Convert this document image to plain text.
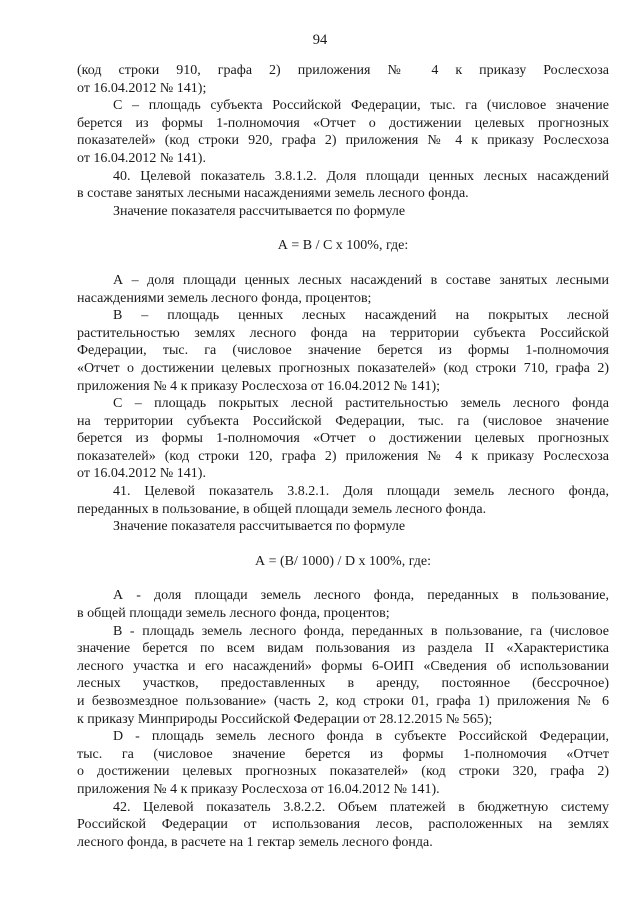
94
(код строки 910, графа 2) приложения № 4 к приказу Рослесхоза
от 16.04.2012 № 141);
С – площадь субъекта Российской Федерации, тыс. га (числовое значение
берется из формы 1-полномочия «Отчет о достижении целевых прогнозных
показателей» (код строки 920, графа 2) приложения № 4 к приказу Рослесхоза
от 16.04.2012 № 141).
40. Целевой показатель 3.8.1.2. Доля площади ценных лесных насаждений
в составе занятых лесными насаждениями земель лесного фонда.
Значение показателя рассчитывается по формуле
А = В / С х 100%, где:
А – доля площади ценных лесных насаждений в составе занятых лесными
насаждениями земель лесного фонда, процентов;
В – площадь ценных лесных насаждений на покрытых лесной
растительностью землях лесного фонда на территории субъекта Российской
Федерации, тыс. га (числовое значение берется из формы 1-полномочия
«Отчет о достижении целевых прогнозных показателей» (код строки 710, графа 2)
приложения № 4 к приказу Рослесхоза от 16.04.2012 № 141);
С – площадь покрытых лесной растительностью земель лесного фонда
на территории субъекта Российской Федерации, тыс. га (числовое значение
берется из формы 1-полномочия «Отчет о достижении целевых прогнозных
показателей» (код строки 120, графа 2) приложения № 4 к приказу Рослесхоза
от 16.04.2012 № 141).
41. Целевой показатель 3.8.2.1. Доля площади земель лесного фонда,
переданных в пользование, в общей площади земель лесного фонда.
Значение показателя рассчитывается по формуле
А = (В/ 1000) / D х 100%, где:
А - доля площади земель лесного фонда, переданных в пользование,
в общей площади земель лесного фонда, процентов;
В - площадь земель лесного фонда, переданных в пользование, га (числовое
значение берется по всем видам пользования из раздела II «Характеристика
лесного участка и его насаждений» формы 6-ОИП «Сведения об использовании
лесных участков, предоставленных в аренду, постоянное (бессрочное)
и безвозмездное пользование» (часть 2, код строки 01, графа 1) приложения № 6
к приказу Минприроды Российской Федерации от 28.12.2015 № 565);
D - площадь земель лесного фонда в субъекте Российской Федерации,
тыс. га (числовое значение берется из формы 1-полномочия «Отчет
о достижении целевых прогнозных показателей» (код строки 320, графа 2)
приложения № 4 к приказу Рослесхоза от 16.04.2012 № 141).
42. Целевой показатель 3.8.2.2. Объем платежей в бюджетную систему
Российской Федерации от использования лесов, расположенных на землях
лесного фонда, в расчете на 1 гектар земель лесного фонда.
